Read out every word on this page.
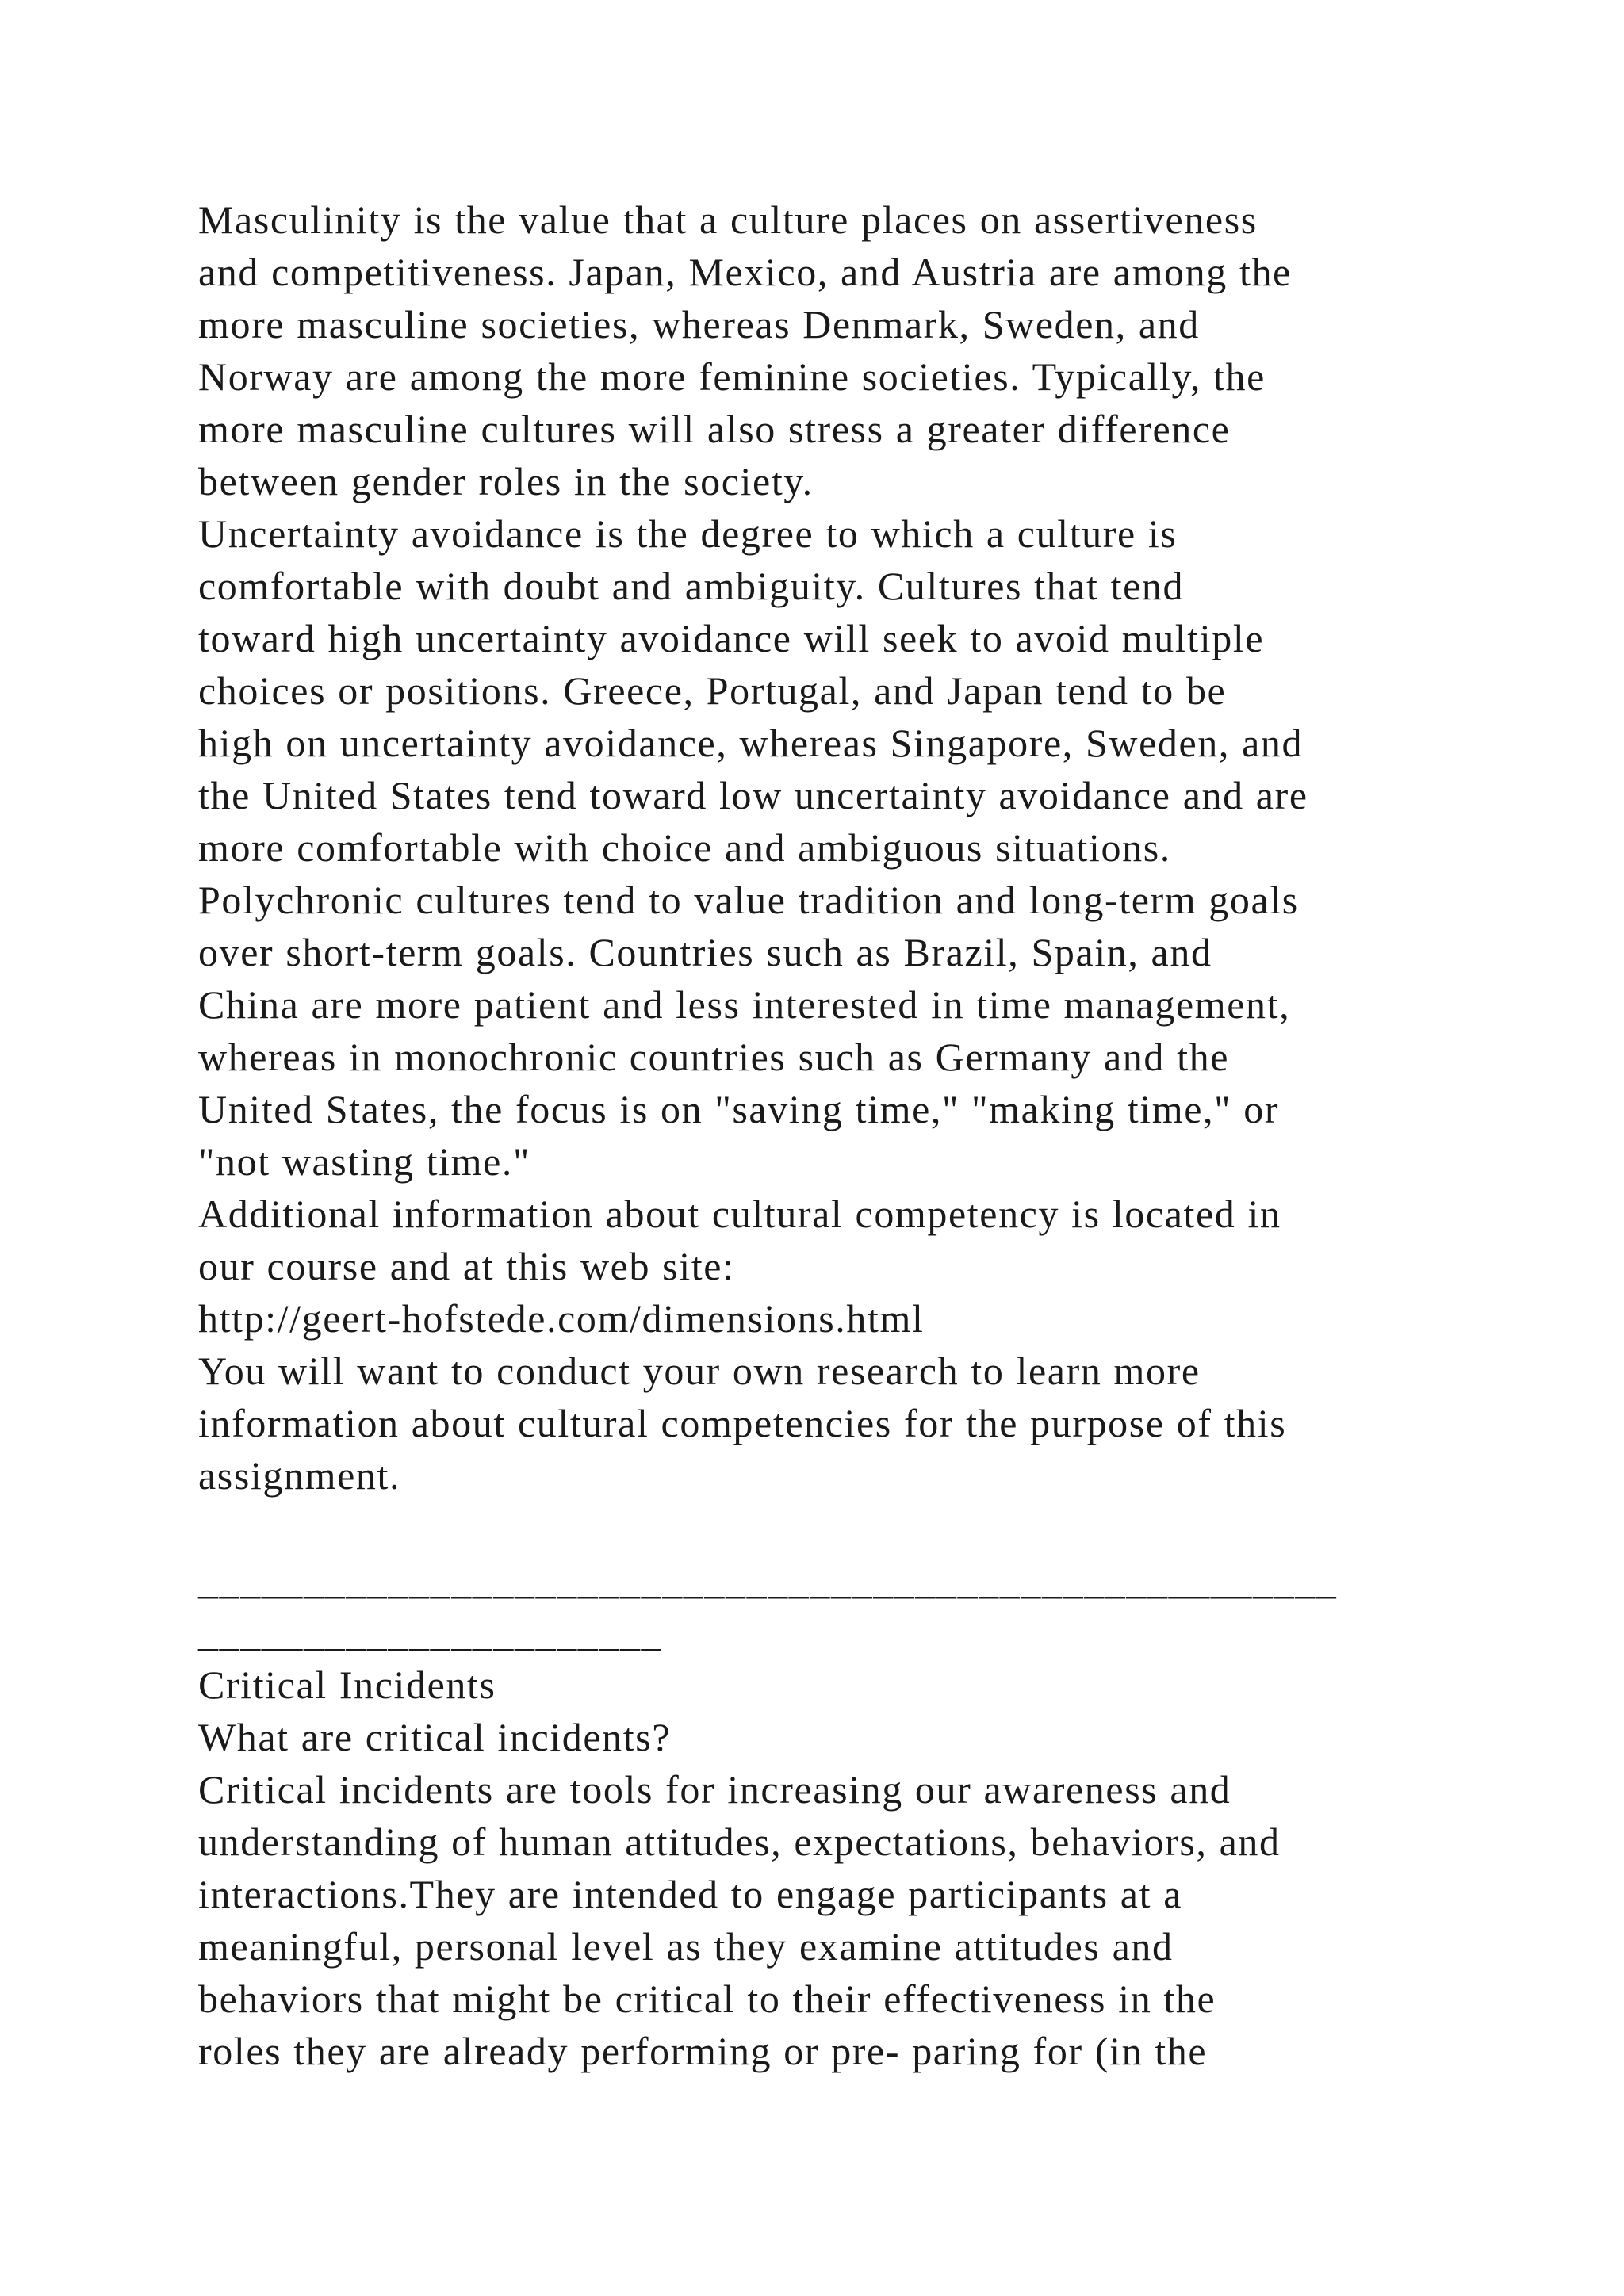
Masculinity is the value that a culture places on assertiveness
and competitiveness. Japan, Mexico, and Austria are among the
more masculine societies, whereas Denmark, Sweden, and
Norway are among the more feminine societies. Typically, the
more masculine cultures will also stress a greater difference
between gender roles in the society.
Uncertainty avoidance is the degree to which a culture is
comfortable with doubt and ambiguity. Cultures that tend
toward high uncertainty avoidance will seek to avoid multiple
choices or positions. Greece, Portugal, and Japan tend to be
high on uncertainty avoidance, whereas Singapore, Sweden, and
the United States tend toward low uncertainty avoidance and are
more comfortable with choice and ambiguous situations.
Polychronic cultures tend to value tradition and long-term goals
over short-term goals. Countries such as Brazil, Spain, and
China are more patient and less interested in time management,
whereas in monochronic countries such as Germany and the
United States, the focus is on "saving time," "making time," or
"not wasting time."
Additional information about cultural competency is located in
our course and at this web site:
http://geert-hofstede.com/dimensions.html
You will want to conduct your own research to learn more
information about cultural competencies for the purpose of this
assignment.
______________________________________________________
______________________
Critical Incidents
What are critical incidents?
Critical incidents are tools for increasing our awareness and
understanding of human attitudes, expectations, behaviors, and
interactions.They are intended to engage participants at a
meaningful, personal level as they examine attitudes and
behaviors that might be critical to their effectiveness in the
roles they are already performing or pre- paring for (in the
